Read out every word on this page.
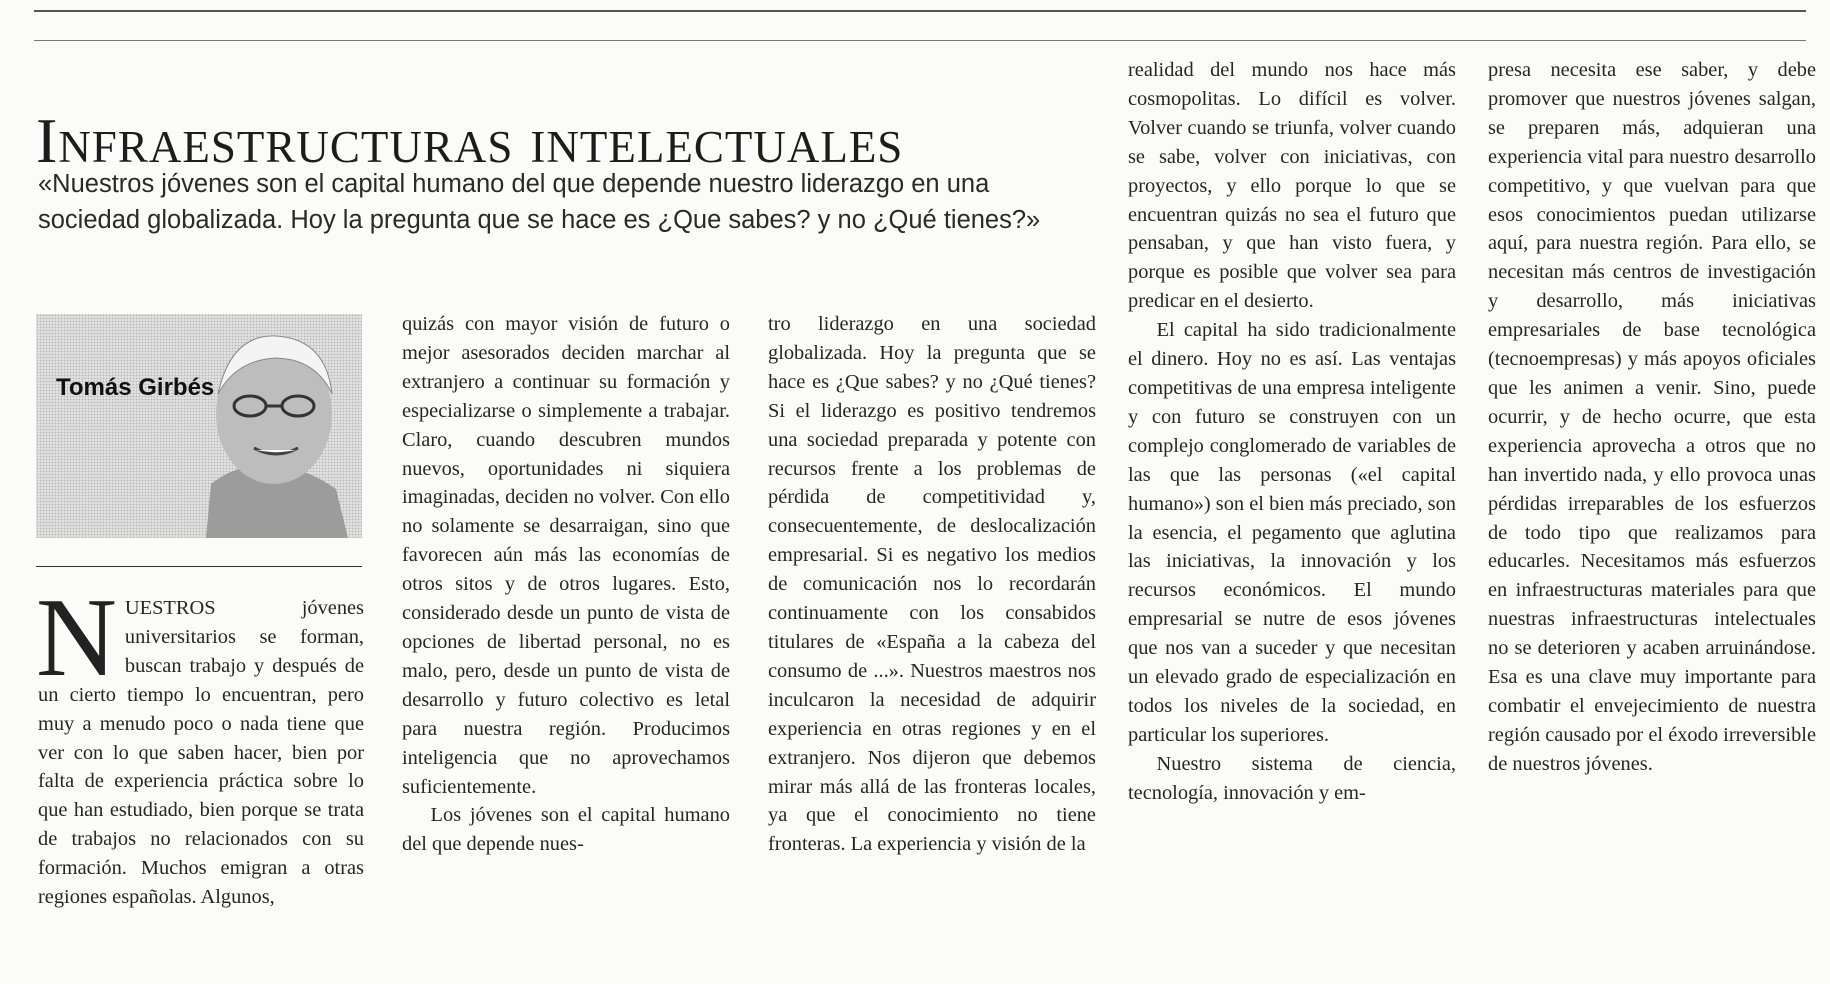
Infraestructuras intelectuales
«Nuestros jóvenes son el capital humano del que depende nuestro liderazgo en una sociedad globalizada. Hoy la pregunta que se hace es ¿Que sabes? y no ¿Qué tienes?»
Tomás Girbés

NUESTROS jóvenes universitarios se forman, buscan trabajo y después de un cierto tiempo lo encuentran, pero muy a menudo poco o nada tiene que ver con lo que saben hacer, bien por falta de experiencia práctica sobre lo que han estudiado, bien porque se trata de trabajos no relacionados con su formación. Muchos emigran a otras regiones españolas. Algunos,

quizás con mayor visión de futuro o mejor asesorados deciden marchar al extranjero a continuar su formación y especializarse o simplemente a trabajar. Claro, cuando descubren mundos nuevos, oportunidades ni siquiera imaginadas, deciden no volver. Con ello no solamente se desarraigan, sino que favorecen aún más las economías de otros sitos y de otros lugares. Esto, considerado desde un punto de vista de opciones de libertad personal, no es malo, pero, desde un punto de vista de desarrollo y futuro colectivo es letal para nuestra región. Producimos inteligencia que no aprovechamos suficientemente.

Los jóvenes son el capital humano del que depende nues-

tro liderazgo en una sociedad globalizada. Hoy la pregunta que se hace es ¿Que sabes? y no ¿Qué tienes? Si el liderazgo es positivo tendremos una sociedad preparada y potente con recursos frente a los problemas de pérdida de competitividad y, consecuentemente, de deslocalización empresarial. Si es negativo los medios de comunicación nos lo recordarán continuamente con los consabidos titulares de «España a la cabeza del consumo de ...». Nuestros maestros nos inculcaron la necesidad de adquirir experiencia en otras regiones y en el extranjero. Nos dijeron que debemos mirar más allá de las fronteras locales, ya que el conocimiento no tiene fronteras. La experiencia y visión de la

realidad del mundo nos hace más cosmopolitas. Lo difícil es volver. Volver cuando se triunfa, volver cuando se sabe, volver con iniciativas, con proyectos, y ello porque lo que se encuentran quizás no sea el futuro que pensaban, y que han visto fuera, y porque es posible que volver sea para predicar en el desierto.

El capital ha sido tradicionalmente el dinero. Hoy no es así. Las ventajas competitivas de una empresa inteligente y con futuro se construyen con un complejo conglomerado de variables de las que las personas («el capital humano») son el bien más preciado, son la esencia, el pegamento que aglutina las iniciativas, la innovación y los recursos económicos. El mundo empresarial se nutre de esos jóvenes que nos van a suceder y que necesitan un elevado grado de especialización en todos los niveles de la sociedad, en particular los superiores.

Nuestro sistema de ciencia, tecnología, innovación y em-

presa necesita ese saber, y debe promover que nuestros jóvenes salgan, se preparen más, adquieran una experiencia vital para nuestro desarrollo competitivo, y que vuelvan para que esos conocimientos puedan utilizarse aquí, para nuestra región. Para ello, se necesitan más centros de investigación y desarrollo, más iniciativas empresariales de base tecnológica (tecnoempresas) y más apoyos oficiales que les animen a venir. Sino, puede ocurrir, y de hecho ocurre, que esta experiencia aprovecha a otros que no han invertido nada, y ello provoca unas pérdidas irreparables de los esfuerzos de todo tipo que realizamos para educarles. Necesitamos más esfuerzos en infraestructuras materiales para que nuestras infraestructuras intelectuales no se deterioren y acaben arruinándose. Esa es una clave muy importante para combatir el envejecimiento de nuestra región causado por el éxodo irreversible de nuestros jóvenes.
